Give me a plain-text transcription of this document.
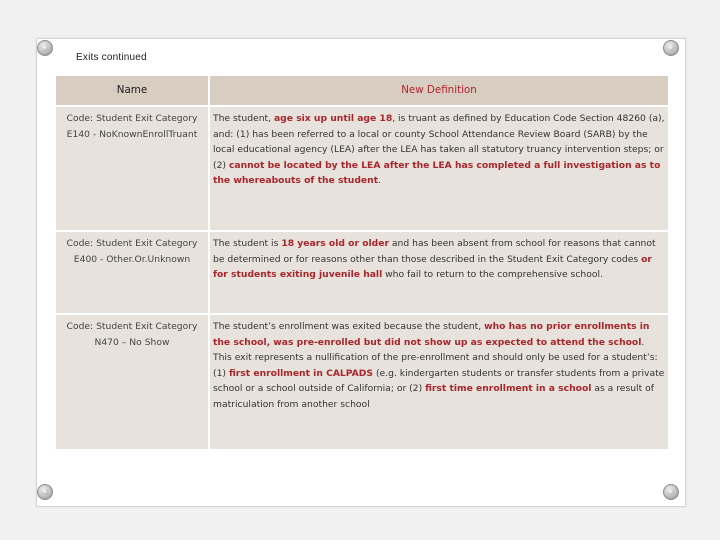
Exits continued
Name	New Definition
Code: Student Exit Category
E140 - NoKnownEnrollTruant	The student, age six up until age 18, is truant as defined by Education Code Section 48260 (a), and: (1) has been referred to a local or county School Attendance Review Board (SARB) by the local educational agency (LEA) after the LEA has taken all statutory truancy intervention steps; or (2) cannot be located by the LEA after the LEA has completed a full investigation as to the whereabouts of the student.
Code: Student Exit Category
E400 - Other.Or.Unknown	The student is 18 years old or older and has been absent from school for reasons that cannot be determined or for reasons other than those described in the Student Exit Category codes or for students exiting juvenile hall who fail to return to the comprehensive school.
Code: Student Exit Category
N470 – No Show	The student’s enrollment was exited because the student, who has no prior enrollments in the school, was pre-enrolled but did not show up as expected to attend the school. This exit represents a nullification of the pre-enrollment and should only be used for a student’s: (1) first enrollment in CALPADS (e.g. kindergarten students or transfer students from a private school or a school outside of California; or (2) first time enrollment in a school as a result of matriculation from another school
